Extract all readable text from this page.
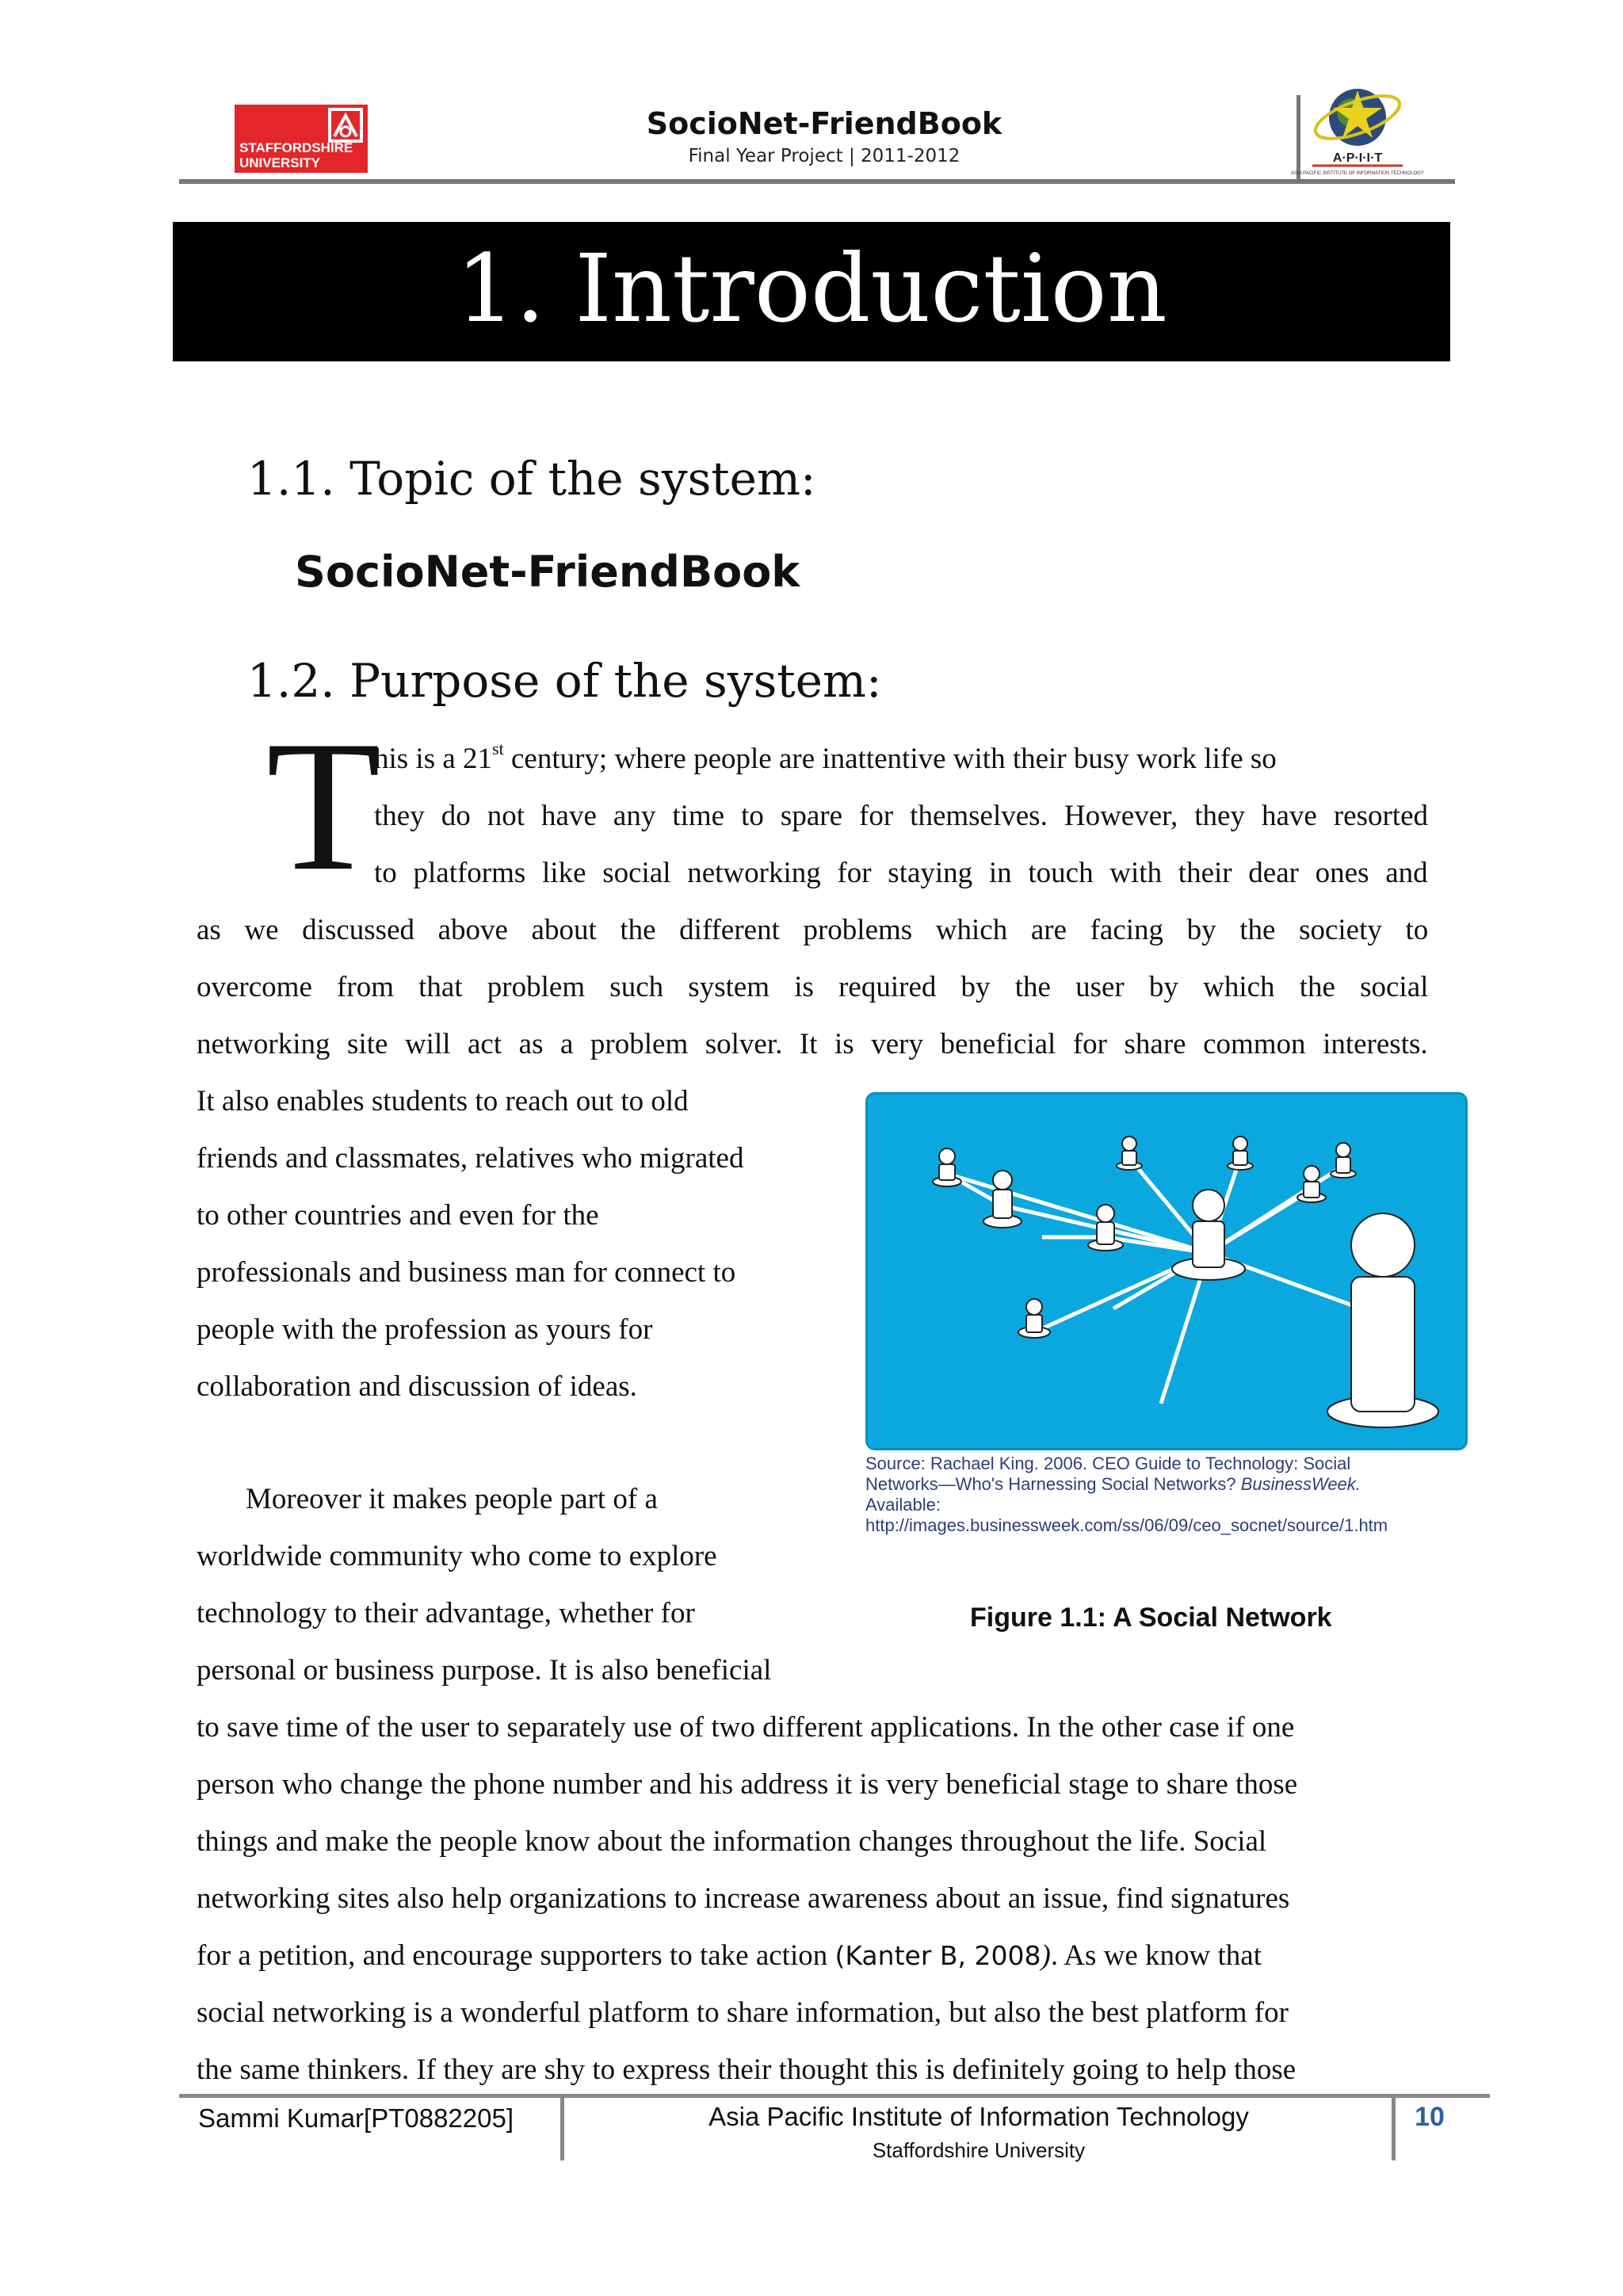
STAFFORDSHIRE
UNIVERSITY
SocioNet-FriendBook
Final Year Project | 2011-2012	A·P·I·I·T
ASIA PACIFIC INSTITUTE OF INFORMATION TECHNOLOGY
1. Introduction
1.1. Topic of the system:
SocioNet-FriendBook
1.2. Purpose of the system:
T
his is a 21st century; where people are inattentive with their busy work life so
they do not have any time to spare for themselves. However, they have resorted
to platforms like social networking for staying in touch with their dear ones and
as we discussed above about the different problems which are facing by the society to
overcome from that problem such system is required by the user by which the social
networking site will act as a problem solver. It is very beneficial for share common interests.
It also enables students to reach out to old
friends and classmates, relatives who migrated
to other countries and even for the
professionals and business man for connect to
people with the profession as yours for
collaboration and discussion of ideas.
Moreover it makes people part of a
worldwide community who come to explore
technology to their advantage, whether for
personal or business purpose. It is also beneficial
to save time of the user to separately use of two different applications. In the other case if one
person who change the phone number and his address it is very beneficial stage to share those
things and make the people know about the information changes throughout the life. Social
networking sites also help organizations to increase awareness about an issue, find signatures
for a petition, and encourage supporters to take action (Kanter B, 2008). As we know that
social networking is a wonderful platform to share information, but also the best platform for
the same thinkers. If they are shy to express their thought this is definitely going to help those
Source: Rachael King. 2006. CEO Guide to Technology: Social
Networks—Who's Harnessing Social Networks? BusinessWeek.
Available:
http://images.businessweek.com/ss/06/09/ceo_socnet/source/1.htm
Figure 1.1: A Social Network
Sammi Kumar[PT0882205]	Asia Pacific Institute of Information Technology
Staffordshire University
10
